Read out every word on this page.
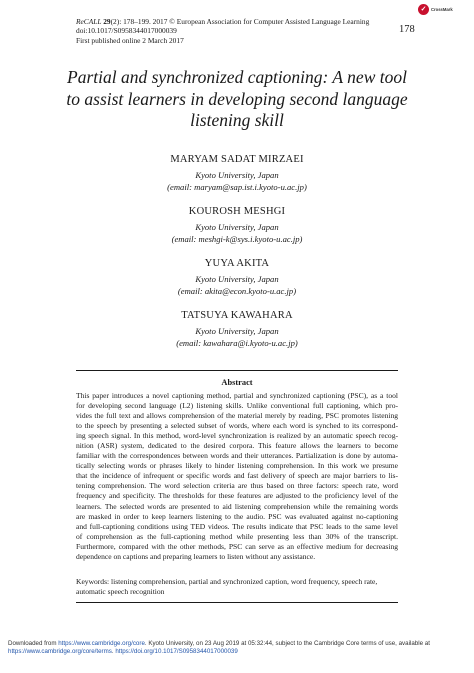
ReCALL 29(2): 178–199. 2017 © European Association for Computer Assisted Language Learning
doi:10.1017/S0958344017000039
First published online 2 March 2017
178
✓	CrossMark
Partial and synchronized captioning: A new tool to assist learners in developing second language listening skill
MARYAM SADAT MIRZAEI
Kyoto University, Japan
(email: maryam@sap.ist.i.kyoto-u.ac.jp)
KOUROSH MESHGI
Kyoto University, Japan
(email: meshgi-k@sys.i.kyoto-u.ac.jp)
YUYA AKITA
Kyoto University, Japan
(email: akita@econ.kyoto-u.ac.jp)
TATSUYA KAWAHARA
Kyoto University, Japan
(email: kawahara@i.kyoto-u.ac.jp)
Abstract
This paper introduces a novel captioning method, partial and synchronized captioning (PSC), as a tool
for developing second language (L2) listening skills. Unlike conventional full captioning, which pro-
vides the full text and allows comprehension of the material merely by reading, PSC promotes listening
to the speech by presenting a selected subset of words, where each word is synched to its correspond-
ing speech signal. In this method, word-level synchronization is realized by an automatic speech recog-
nition (ASR) system, dedicated to the desired corpora. This feature allows the learners to become
familiar with the correspondences between words and their utterances. Partialization is done by automa-
tically selecting words or phrases likely to hinder listening comprehension. In this work we presume
that the incidence of infrequent or specific words and fast delivery of speech are major barriers to lis-
tening comprehension. The word selection criteria are thus based on three factors: speech rate, word
frequency and specificity. The thresholds for these features are adjusted to the proficiency level of the
learners. The selected words are presented to aid listening comprehension while the remaining words
are masked in order to keep learners listening to the audio. PSC was evaluated against no-captioning
and full-captioning conditions using TED videos. The results indicate that PSC leads to the same level
of comprehension as the full-captioning method while presenting less than 30% of the transcript.
Furthermore, compared with the other methods, PSC can serve as an effective medium for decreasing
dependence on captions and preparing learners to listen without any assistance.
Keywords: listening comprehension, partial and synchronized caption, word frequency, speech rate,
automatic speech recognition
Downloaded from https://www.cambridge.org/core. Kyoto University, on 23 Aug 2019 at 05:32:44, subject to the Cambridge Core terms of use, available at
https://www.cambridge.org/core/terms. https://doi.org/10.1017/S0958344017000039
